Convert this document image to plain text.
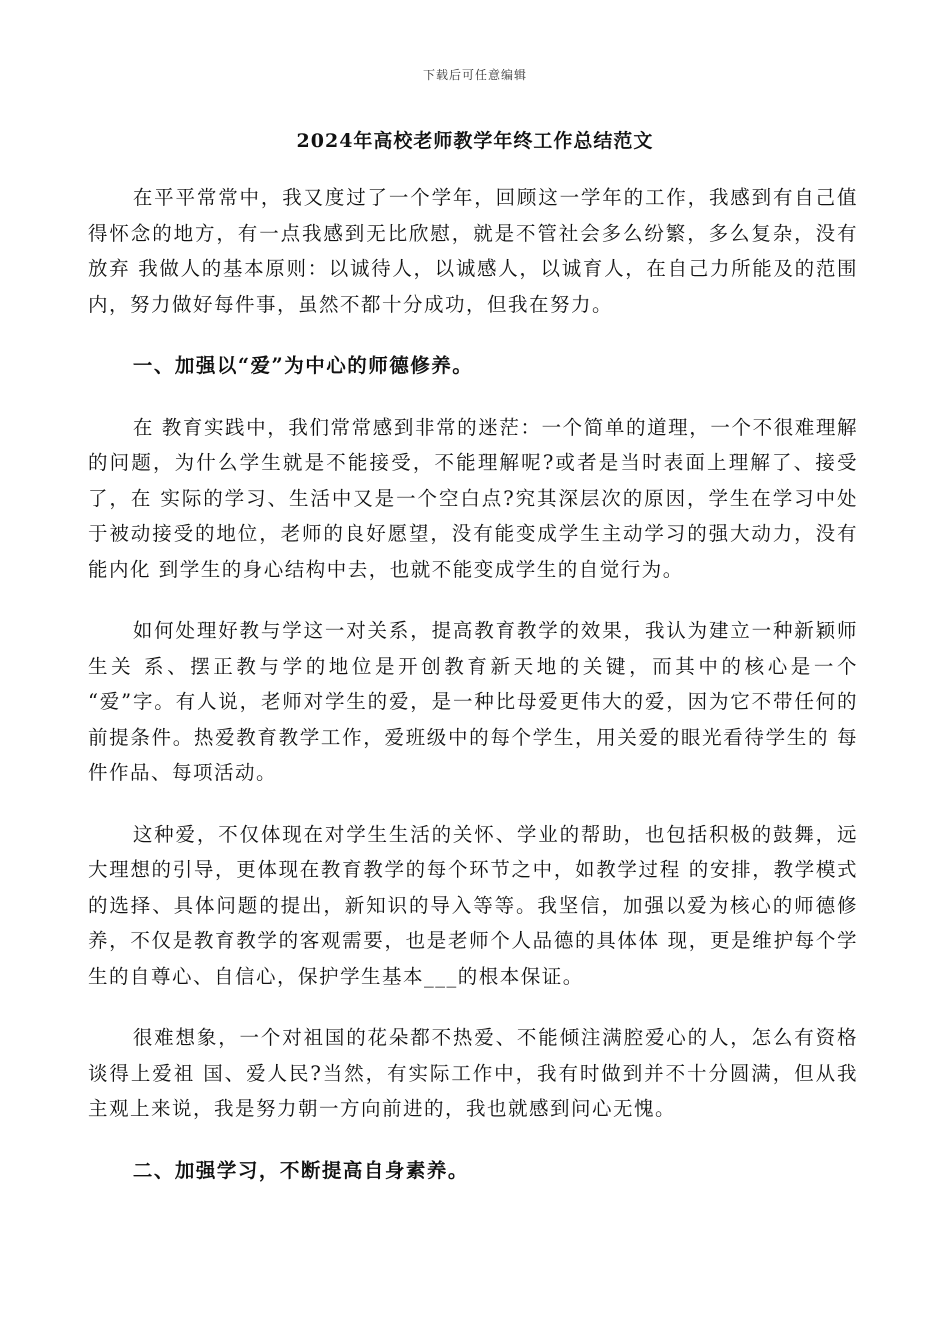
下载后可任意编辑
2024年高校老师教学年终工作总结范文

在平平常常中，我又度过了一个学年，回顾这一学年的工作，我感到有自己值得怀念的地方，有一点我感到无比欣慰，就是不管社会多么纷繁，多么复杂，没有放弃 我做人的基本原则：以诚待人，以诚感人，以诚育人，在自己力所能及的范围内，努力做好每件事，虽然不都十分成功，但我在努力。

一、加强以“爱”为中心的师德修养。

在 教育实践中，我们常常感到非常的迷茫：一个简单的道理，一个不很难理解的问题，为什么学生就是不能接受，不能理解呢?或者是当时表面上理解了、接受了，在 实际的学习、生活中又是一个空白点?究其深层次的原因，学生在学习中处于被动接受的地位，老师的良好愿望，没有能变成学生主动学习的强大动力，没有能内化 到学生的身心结构中去，也就不能变成学生的自觉行为。

如何处理好教与学这一对关系，提高教育教学的效果，我认为建立一种新颖师生关 系、摆正教与学的地位是开创教育新天地的关键，而其中的核心是一个 “爱”字。有人说，老师对学生的爱，是一种比母爱更伟大的爱，因为它不带任何的前提条件。热爱教育教学工作，爱班级中的每个学生，用关爱的眼光看待学生的 每件作品、每项活动。

这种爱，不仅体现在对学生生活的关怀、学业的帮助，也包括积极的鼓舞，远大理想的引导，更体现在教育教学的每个环节之中，如教学过程 的安排，教学模式的选择、具体问题的提出，新知识的导入等等。我坚信，加强以爱为核心的师德修养，不仅是教育教学的客观需要，也是老师个人品德的具体体 现，更是维护每个学生的自尊心、自信心，保护学生基本___的根本保证。

很难想象，一个对祖国的花朵都不热爱、不能倾注满腔爱心的人，怎么有资格谈得上爱祖 国、爱人民?当然，有实际工作中，我有时做到并不十分圆满，但从我主观上来说，我是努力朝一方向前进的，我也就感到问心无愧。

二、加强学习，不断提高自身素养。
